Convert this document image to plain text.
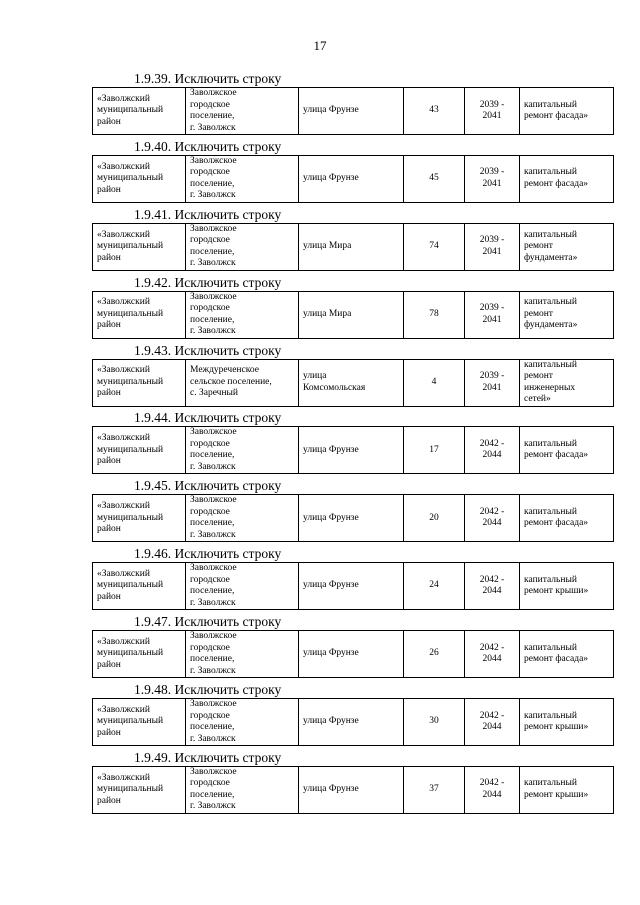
17
1.9.39. Исключить строку
«Заволжский
муниципальный
район	Заволжское
городское
поселение,
г. Заволжск	улица Фрунзе	43	2039 -
2041	капитальный
ремонт фасада»
1.9.40. Исключить строку
«Заволжский
муниципальный
район	Заволжское
городское
поселение,
г. Заволжск	улица Фрунзе	45	2039 -
2041	капитальный
ремонт фасада»
1.9.41. Исключить строку
«Заволжский
муниципальный
район	Заволжское
городское
поселение,
г. Заволжск	улица Мира	74	2039 -
2041	капитальный
ремонт
фундамента»
1.9.42. Исключить строку
«Заволжский
муниципальный
район	Заволжское
городское
поселение,
г. Заволжск	улица Мира	78	2039 -
2041	капитальный
ремонт
фундамента»
1.9.43. Исключить строку
«Заволжский
муниципальный
район	Междуреченское
сельское поселение,
с. Заречный	улица
Комсомольская	4	2039 -
2041	капитальный
ремонт
инженерных
сетей»
1.9.44. Исключить строку
«Заволжский
муниципальный
район	Заволжское
городское
поселение,
г. Заволжск	улица Фрунзе	17	2042 -
2044	капитальный
ремонт фасада»
1.9.45. Исключить строку
«Заволжский
муниципальный
район	Заволжское
городское
поселение,
г. Заволжск	улица Фрунзе	20	2042 -
2044	капитальный
ремонт фасада»
1.9.46. Исключить строку
«Заволжский
муниципальный
район	Заволжское
городское
поселение,
г. Заволжск	улица Фрунзе	24	2042 -
2044	капитальный
ремонт крыши»
1.9.47. Исключить строку
«Заволжский
муниципальный
район	Заволжское
городское
поселение,
г. Заволжск	улица Фрунзе	26	2042 -
2044	капитальный
ремонт фасада»
1.9.48. Исключить строку
«Заволжский
муниципальный
район	Заволжское
городское
поселение,
г. Заволжск	улица Фрунзе	30	2042 -
2044	капитальный
ремонт крыши»
1.9.49. Исключить строку
«Заволжский
муниципальный
район	Заволжское
городское
поселение,
г. Заволжск	улица Фрунзе	37	2042 -
2044	капитальный
ремонт крыши»
